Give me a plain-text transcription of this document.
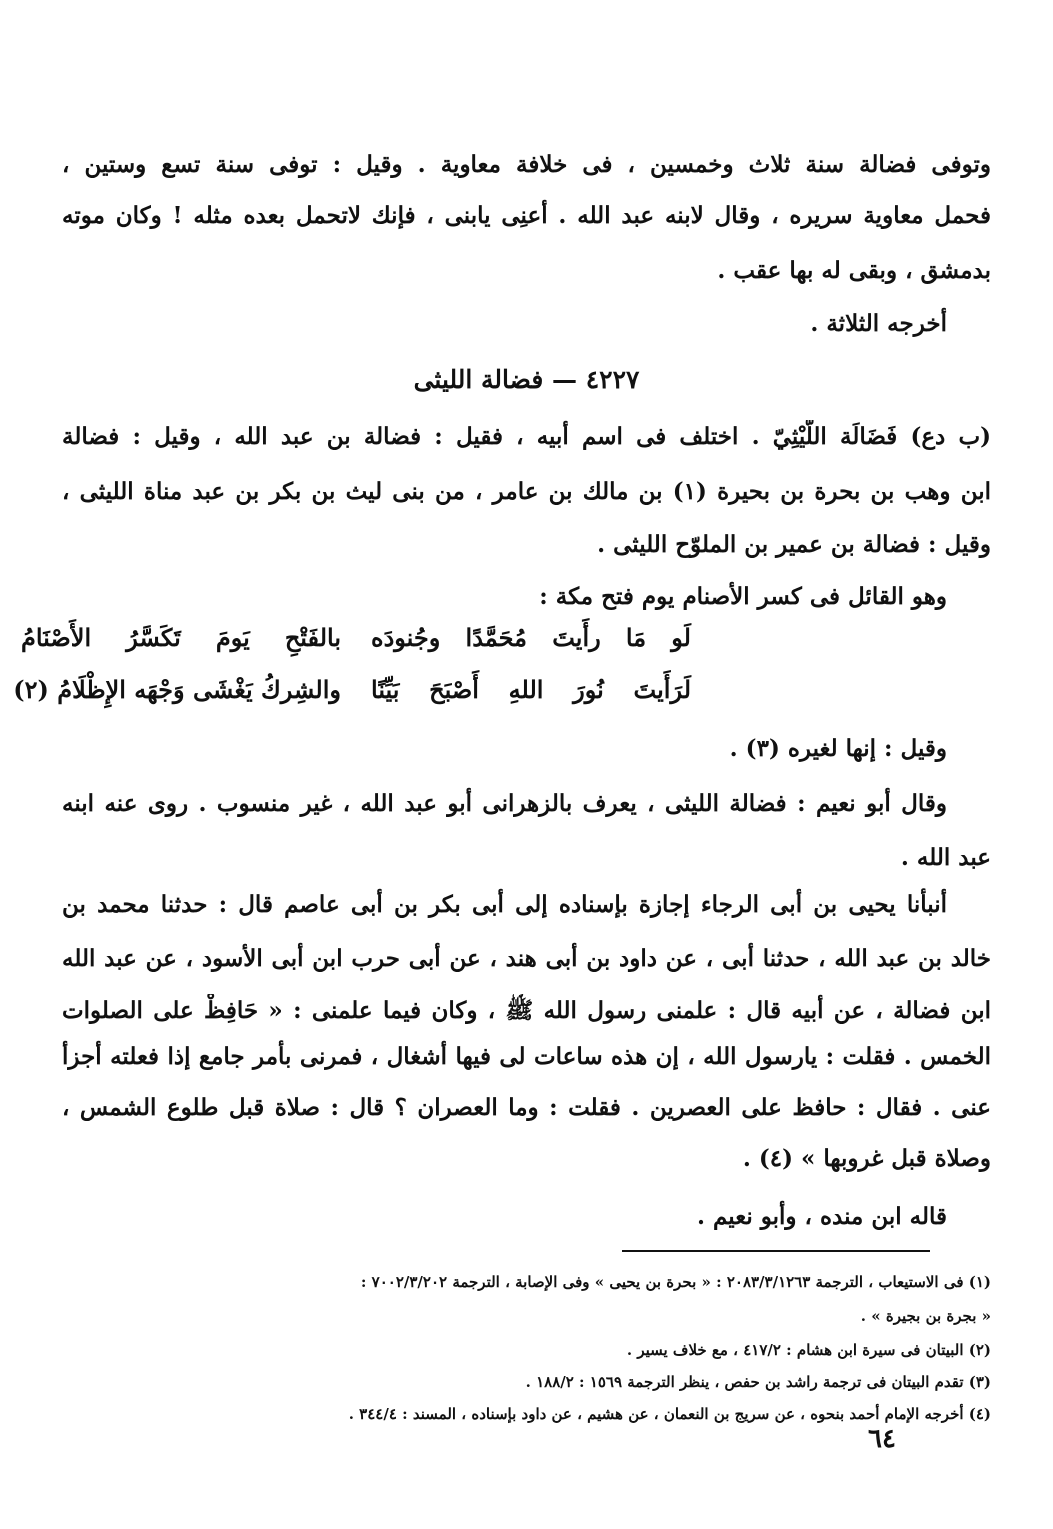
وتوفى فضالة سنة ثلاث وخمسين ، فى خلافة معاوية . وقيل : توفى سنة تسع وستين ،
فحمل معاوية سريره ، وقال لابنه عبد الله . أعنِى يابنى ، فإنك لاتحمل بعده مثله ! وكان موته
بدمشق ، وبقى له بها عقب .
أخرجه الثلاثة .
٤٢٢٧ — فضالة الليثى
(ب دع) فَضَالَة اللَّيْثِيّ . اختلف فى اسم أبيه ، فقيل : فضالة بن عبد الله ، وقيل : فضالة
ابن وهب بن بحرة بن بحيرة (١) بن مالك بن عامر ، من بنى ليث بن بكر بن عبد مناة الليثى ،
وقيل : فضالة بن عمير بن الملوّح الليثى .
وهو القائل فى كسر الأصنام يوم فتح مكة :
لَو مَا رأَيتَ مُحَمَّدًا وجُنودَه
بالفَتْحِ يَومَ تَكَسَّرُ الأَصْنَامُ
لَرَأَيتَ نُورَ اللهِ أَصْبَحَ بَيِّنًا
والشِركُ يَغْشَى وَجْهَه الإِظْلَامُ (٢)
وقيل : إنها لغيره (٣) .
وقال أبو نعيم : فضالة الليثى ، يعرف بالزهرانى أبو عبد الله ، غير منسوب . روى عنه ابنه
عبد الله .
أنبأنا يحيى بن أبى الرجاء إجازة بإسناده إلى أبى بكر بن أبى عاصم قال : حدثنا محمد بن
خالد بن عبد الله ، حدثنا أبى ، عن داود بن أبى هند ، عن أبى حرب ابن أبى الأسود ، عن عبد الله
ابن فضالة ، عن أبيه قال : علمنى رسول الله ﷺ ، وكان فيما علمنى : « حَافِظْ على الصلوات
الخمس . فقلت : يارسول الله ، إن هذه ساعات لى فيها أشغال ، فمرنى بأمر جامع إذا فعلته أجزأ
عنى . فقال : حافظ على العصرين . فقلت : وما العصران ؟ قال : صلاة قبل طلوع الشمس ،
وصلاة قبل غروبها » (٤) .
قاله ابن منده ، وأبو نعيم .
(١) فى الاستيعاب ، الترجمة ٢٠٨٣/٣/١٢٦٣ : « بحرة بن يحيى » وفى الإصابة ، الترجمة ٧٠٠٢/٣/٢٠٢ :
« بجرة بن بجيرة » .
(٢) البيتان فى سيرة ابن هشام : ٤١٧/٢ ، مع خلاف يسير .
(٣) تقدم البيتان فى ترجمة راشد بن حفص ، ينظر الترجمة ١٥٦٩ : ١٨٨/٢ .
(٤) أخرجه الإمام أحمد بنحوه ، عن سريج بن النعمان ، عن هشيم ، عن داود بإسناده ، المسند : ٣٤٤/٤ .
٦٤
